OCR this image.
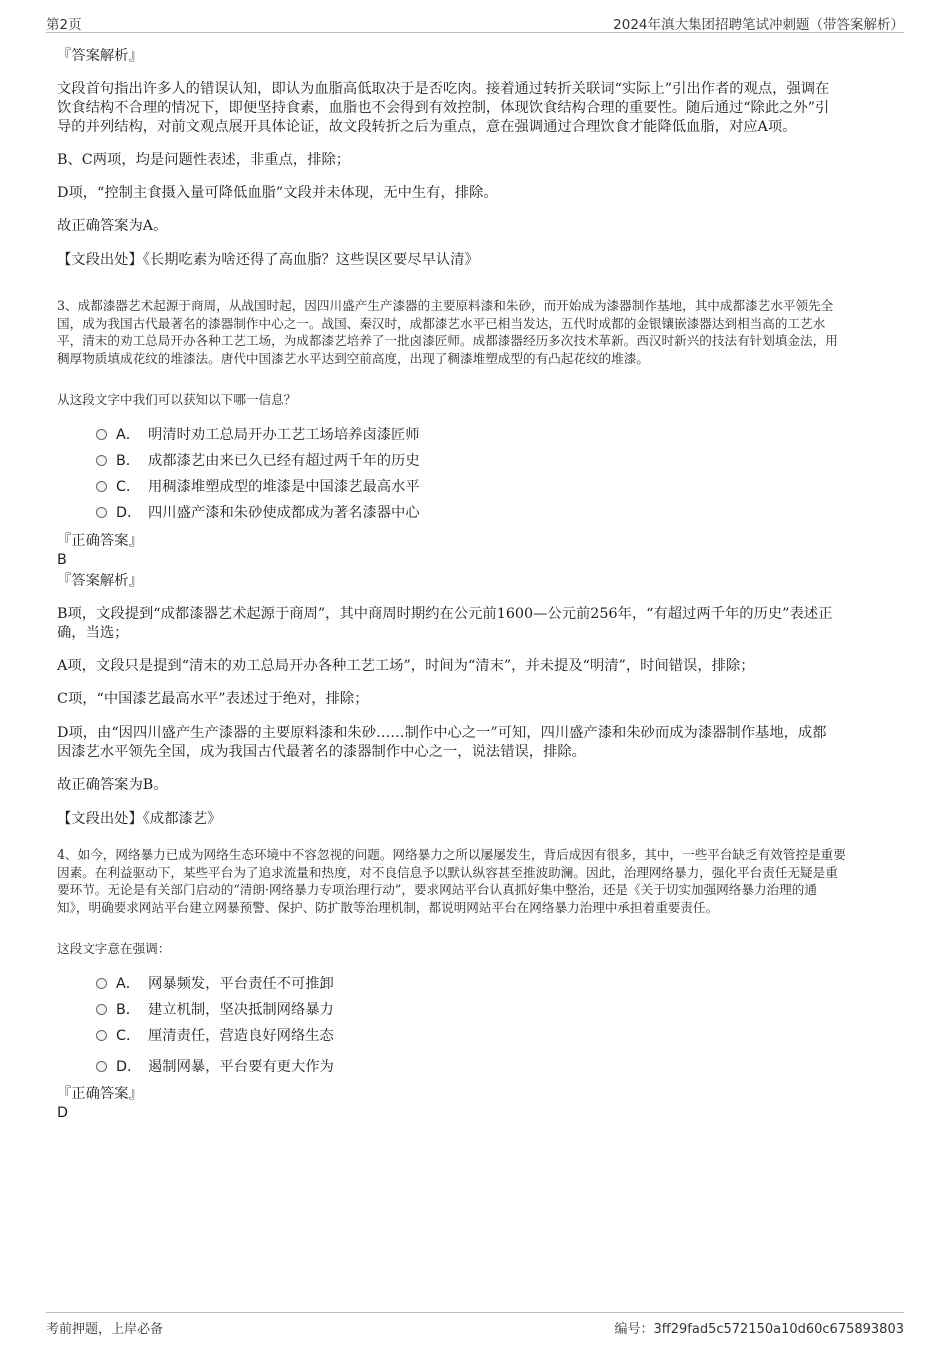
第2页	2024年滇大集团招聘笔试冲刺题（带答案解析）
『答案解析』
文段首句指出许多人的错误认知，即认为血脂高低取决于是否吃肉。接着通过转折关联词“实际上”引出作者的观点，强调在
饮食结构不合理的情况下，即便坚持食素，血脂也不会得到有效控制，体现饮食结构合理的重要性。随后通过“除此之外”引
导的并列结构，对前文观点展开具体论证，故文段转折之后为重点，意在强调通过合理饮食才能降低血脂，对应A项。
B、C两项，均是问题性表述，非重点，排除；
D项，“控制主食摄入量可降低血脂”文段并未体现，无中生有，排除。
故正确答案为A。
【文段出处】《长期吃素为啥还得了高血脂？这些误区要尽早认清》
3、成都漆器艺术起源于商周，从战国时起，因四川盛产生产漆器的主要原料漆和朱砂，而开始成为漆器制作基地，其中成都漆艺水平领先全
国，成为我国古代最著名的漆器制作中心之一。战国、秦汉时，成都漆艺水平已相当发达，五代时成都的金银镶嵌漆器达到相当高的工艺水
平，清末的劝工总局开办各种工艺工场，为成都漆艺培养了一批卤漆匠师。成都漆器经历多次技术革新。西汉时新兴的技法有针划填金法，用
稠厚物质填成花纹的堆漆法。唐代中国漆艺水平达到空前高度，出现了稠漆堆塑成型的有凸起花纹的堆漆。
从这段文字中我们可以获知以下哪一信息？
A． 明清时劝工总局开办工艺工场培养卤漆匠师
B． 成都漆艺由来已久已经有超过两千年的历史
C． 用稠漆堆塑成型的堆漆是中国漆艺最高水平
D． 四川盛产漆和朱砂使成都成为著名漆器中心
『正确答案』
B
『答案解析』
B项，文段提到“成都漆器艺术起源于商周”，其中商周时期约在公元前1600—公元前256年，“有超过两千年的历史”表述正
确，当选；
A项，文段只是提到“清末的劝工总局开办各种工艺工场”，时间为“清末”，并未提及“明清”，时间错误，排除；
C项，“中国漆艺最高水平”表述过于绝对，排除；
D项，由“因四川盛产生产漆器的主要原料漆和朱砂……制作中心之一”可知，四川盛产漆和朱砂而成为漆器制作基地，成都
因漆艺水平领先全国，成为我国古代最著名的漆器制作中心之一，说法错误，排除。
故正确答案为B。
【文段出处】《成都漆艺》
4、如今，网络暴力已成为网络生态环境中不容忽视的问题。网络暴力之所以屡屡发生，背后成因有很多，其中，一些平台缺乏有效管控是重要
因素。在利益驱动下，某些平台为了追求流量和热度，对不良信息予以默认纵容甚至推波助澜。因此，治理网络暴力，强化平台责任无疑是重
要环节。无论是有关部门启动的“清朗·网络暴力专项治理行动”，要求网站平台认真抓好集中整治，还是《关于切实加强网络暴力治理的通
知》，明确要求网站平台建立网暴预警、保护、防扩散等治理机制，都说明网站平台在网络暴力治理中承担着重要责任。
这段文字意在强调：
A． 网暴频发，平台责任不可推卸
B． 建立机制，坚决抵制网络暴力
C． 厘清责任，营造良好网络生态
D． 遏制网暴，平台要有更大作为
『正确答案』
D
考前押题，上岸必备	编号：3ff29fad5c572150a10d60c675893803
